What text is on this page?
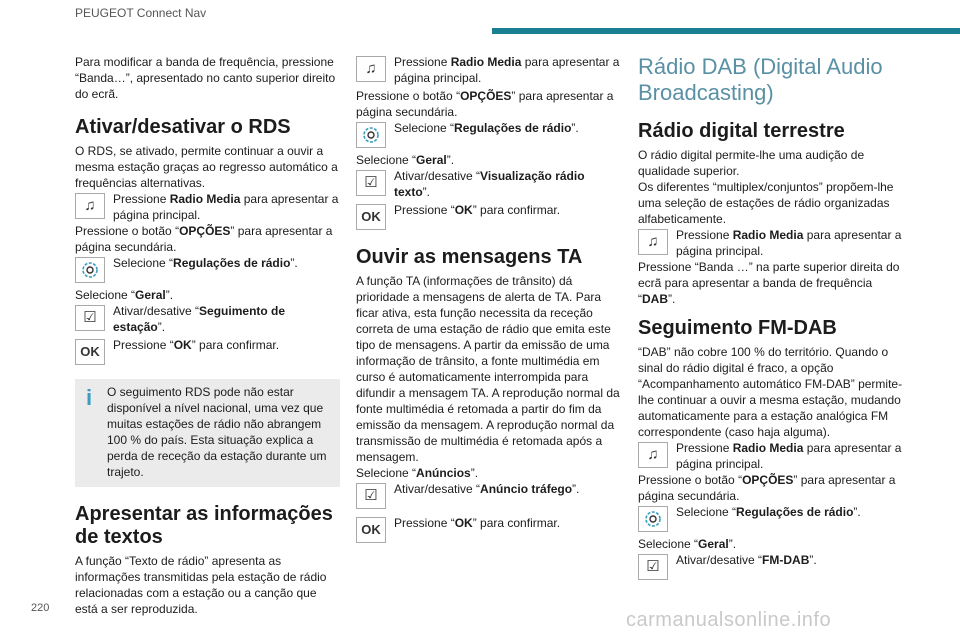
PEUGEOT Connect Nav
220
carmanualsonline.info

Para modificar a banda de frequência, pressione “Banda…”, apresentado no canto superior direito do ecrã.

Ativar/desativar o RDS

O RDS, se ativado, permite continuar a ouvir a mesma estação graças ao regresso automático a frequências alternativas.

♫	Pressione Radio Media para apresentar a página principal.

Pressione o botão “OPÇÕES” para apresentar a página secundária.

Selecione “Regulações de rádio”.

Selecione “Geral”.

☑	Ativar/desative “Seguimento de estação”.
OK	Pressione “OK” para confirmar.
i O seguimento RDS pode não estar disponível a nível nacional, uma vez que muitas estações de rádio não abrangem 100 % do país. Esta situação explica a perda de receção da estação durante um trajeto.

Apresentar as informações de textos

A função “Texto de rádio” apresenta as informações transmitidas pela estação de rádio relacionadas com a estação ou a canção que está a ser reproduzida.

♫	Pressione Radio Media para apresentar a página principal.

Pressione o botão “OPÇÕES” para apresentar a página secundária.

Selecione “Regulações de rádio”.

Selecione “Geral”.

☑	Ativar/desative “Visualização rádio texto”.
OK	Pressione “OK” para confirmar.
Ouvir as mensagens TA

A função TA (informações de trânsito) dá prioridade a mensagens de alerta de TA. Para ficar ativa, esta função necessita da receção correta de uma estação de rádio que emita este tipo de mensagens. A partir da emissão de uma informação de trânsito, a fonte multimédia em curso é automaticamente interrompida para difundir a mensagem TA. A reprodução normal da fonte multimédia é retomada a partir do fim da emissão da mensagem. A reprodução normal da transmissão de multimédia é retomada após a mensagem.

Selecione “Anúncios”.

☑	Ativar/desative “Anúncio tráfego”.
OK	Pressione “OK” para confirmar.
Rádio DAB (Digital Audio Broadcasting)
Rádio digital terrestre

O rádio digital permite-lhe uma audição de qualidade superior.

Os diferentes “multiplex/conjuntos” propõem-lhe uma seleção de estações de rádio organizadas alfabeticamente.

♫	Pressione Radio Media para apresentar a página principal.

Pressione “Banda …” na parte superior direita do ecrã para apresentar a banda de frequência “DAB”.

Seguimento FM-DAB

“DAB” não cobre 100 % do território. Quando o sinal do rádio digital é fraco, a opção “Acompanhamento automático FM-DAB” permite-lhe continuar a ouvir a mesma estação, mudando automaticamente para a estação analógica FM correspondente (caso haja alguma).

♫	Pressione Radio Media para apresentar a página principal.

Pressione o botão “OPÇÕES” para apresentar a página secundária.

Selecione “Regulações de rádio”.

Selecione “Geral”.

☑	Ativar/desative “FM-DAB”.
